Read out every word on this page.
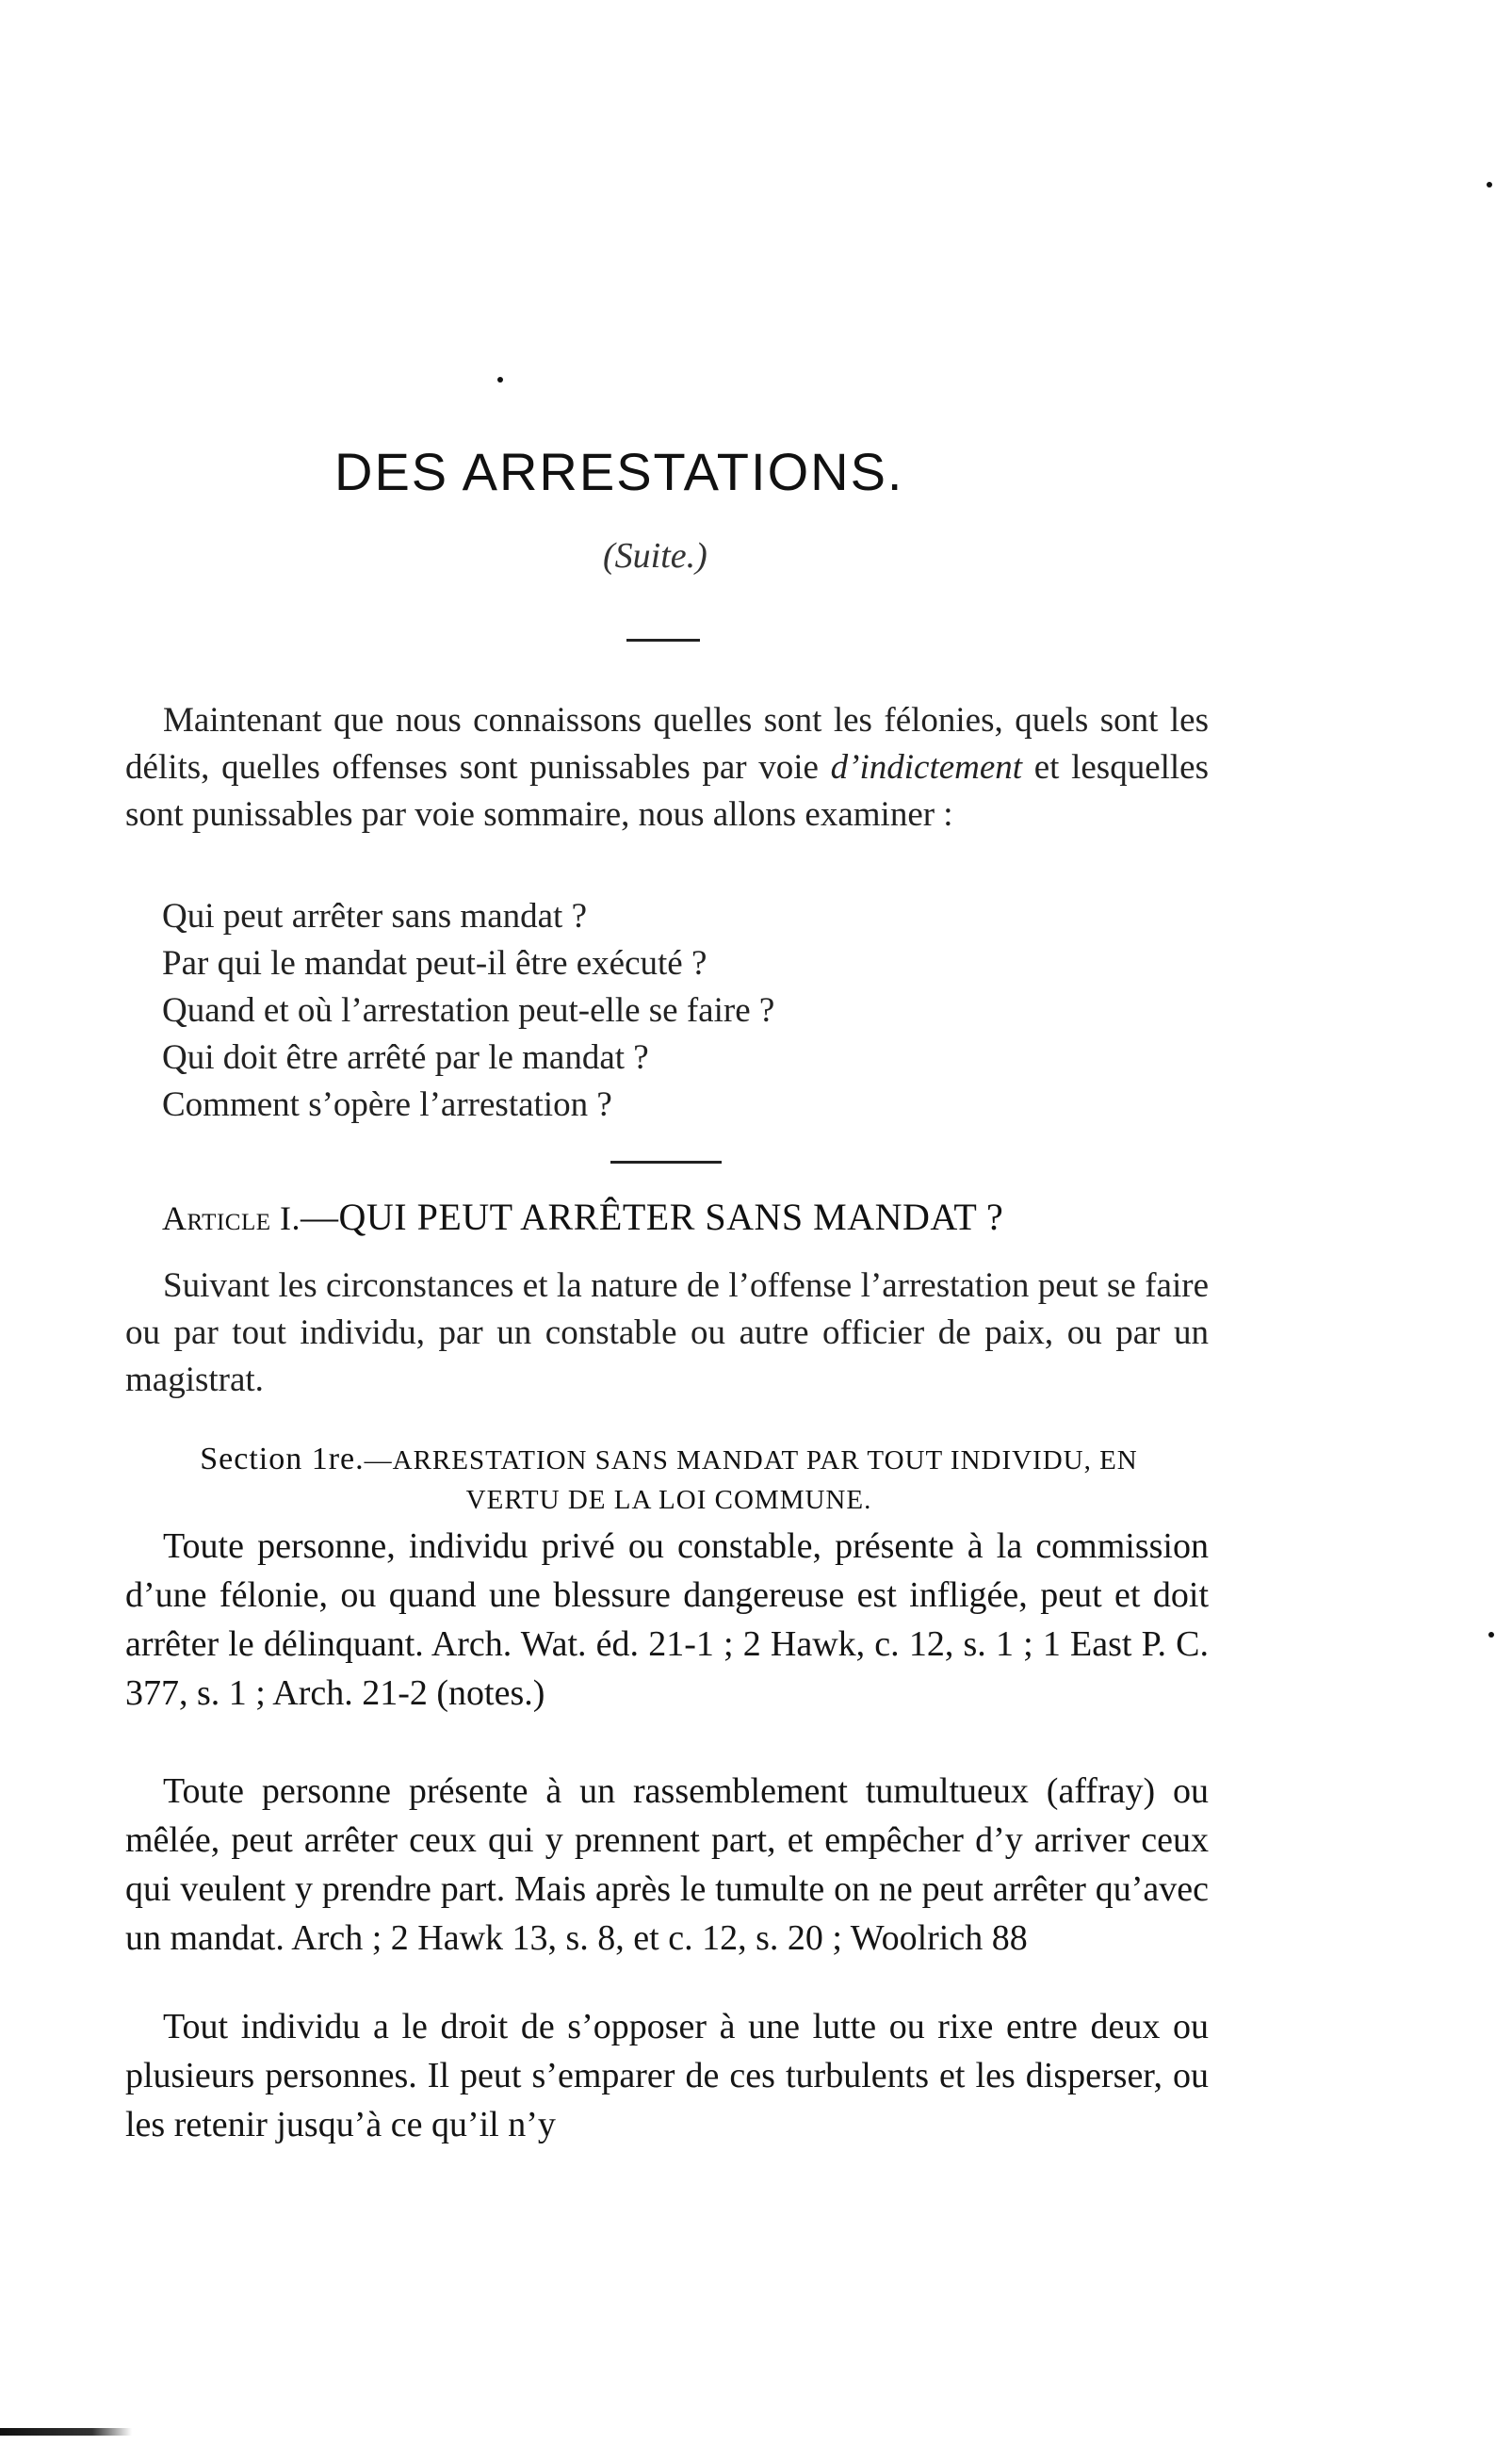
DES ARRESTATIONS.
(Suite.)
Maintenant que nous connaissons quelles sont les félonies, quels sont les délits, quelles offenses sont punissables par voie d’indictement et lesquelles sont punissables par voie sommaire, nous allons examiner :
Qui peut arrêter sans mandat ?
Par qui le mandat peut-il être exécuté ?
Quand et où l’arrestation peut-elle se faire ?
Qui doit être arrêté par le mandat ?
Comment s’opère l’arrestation ?
Article I.—QUI PEUT ARRÊTER SANS MANDAT ?
Suivant les circonstances et la nature de l’offense l’arrestation peut se faire ou par tout individu, par un constable ou autre officier de paix, ou par un magistrat.
Section 1re.—ARRESTATION SANS MANDAT PAR TOUT INDIVIDU, EN
VERTU DE LA LOI COMMUNE.
Toute personne, individu privé ou constable, présente à la commission d’une félonie, ou quand une blessure dangereuse est infligée, peut et doit arrêter le délinquant. Arch. Wat. éd. 21-1 ; 2 Hawk, c. 12, s. 1 ; 1 East P. C. 377, s. 1 ; Arch. 21-2 (notes.)
Toute personne présente à un rassemblement tumultueux (affray) ou mêlée, peut arrêter ceux qui y prennent part, et empêcher d’y arriver ceux qui veulent y prendre part. Mais après le tumulte on ne peut arrêter qu’avec un mandat. Arch ; 2 Hawk 13, s. 8, et c. 12, s. 20 ; Woolrich 88
Tout individu a le droit de s’opposer à une lutte ou rixe entre deux ou plusieurs personnes. Il peut s’emparer de ces turbulents et les disperser, ou les retenir jusqu’à ce qu’il n’y
